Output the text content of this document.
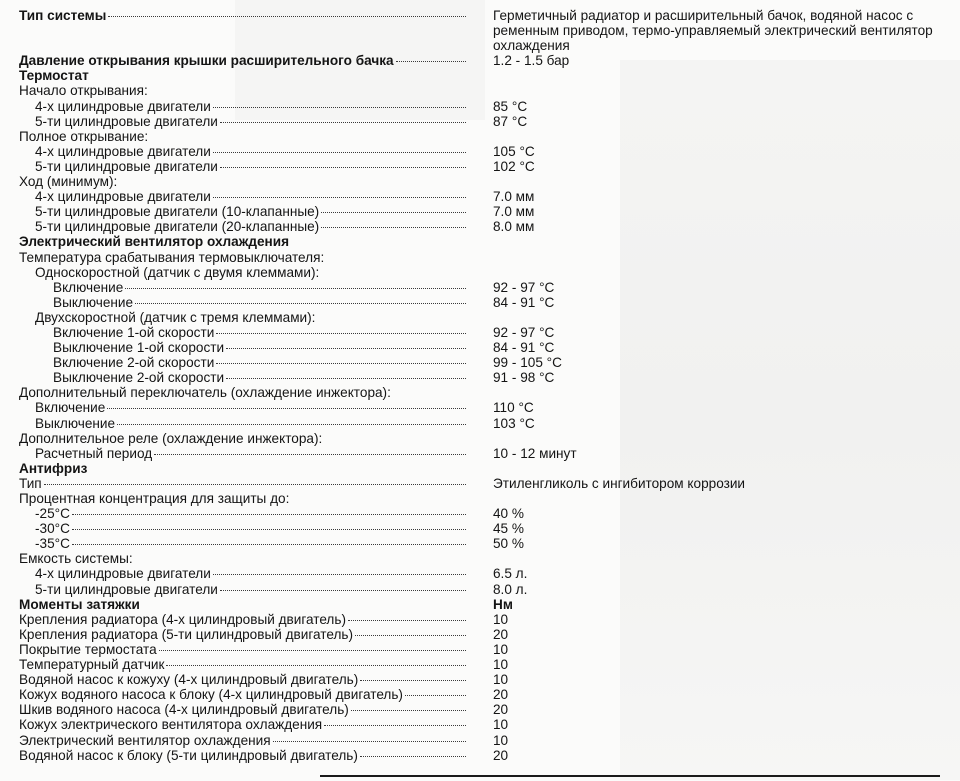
Тип системы		Герметичный радиатор и расширительный бачок, водяной насос с ременным приводом, термо-управляемый электрический вентилятор охлаждения

Давление открывания крышки расширительного бачка		1.2 - 1.5 бар

Термостат		

Начало открывания:		

4-х цилиндровые двигатели		85 °C

5-ти цилиндровые двигатели		87 °C

Полное открывание:		

4-х цилиндровые двигатели		105 °C

5-ти цилиндровые двигатели		102 °C

Ход (минимум):		

4-х цилиндровые двигатели		7.0 мм

5-ти цилиндровые двигатели (10-клапанные)		7.0 мм

5-ти цилиндровые двигатели (20-клапанные)		8.0 мм

Электрический вентилятор охлаждения		

Температура срабатывания термовыключателя:		

Односкоростной (датчик с двумя клеммами):		

Включение		92 - 97 °C

Выключение		84 - 91 °C

Двухскоростной (датчик с тремя клеммами):		

Включение 1-ой скорости		92 - 97 °C

Выключение 1-ой скорости		84 - 91 °C

Включение 2-ой скорости		99 - 105 °C

Выключение 2-ой скорости		91 - 98 °C

Дополнительный переключатель (охлаждение инжектора):		

Включение		110 °C

Выключение		103 °C

Дополнительное реле (охлаждение инжектора):		

Расчетный период		10 - 12 минут

Антифриз		

Тип		Этиленгликоль с ингибитором коррозии

Процентная концентрация для защиты до:		

-25°C		40 %

-30°C		45 %

-35°C		50 %

Емкость системы:		

4-х цилиндровые двигатели		6.5 л.

5-ти цилиндровые двигатели		8.0 л.

Моменты затяжки		Нм

Крепления радиатора (4-х цилиндровый двигатель)		10

Крепления радиатора (5-ти цилиндровый двигатель)		20

Покрытие термостата		10

Температурный датчик		10

Водяной насос к кожуху (4-х цилиндровый двигатель)		10

Кожух водяного насоса к блоку (4-х цилиндровый двигатель)		20

Шкив водяного насоса (4-х цилиндровый двигатель)		20

Кожух электрического вентилятора охлаждения		10

Электрический вентилятор охлаждения		10

Водяной насос к блоку (5-ти цилиндровый двигатель)		20
